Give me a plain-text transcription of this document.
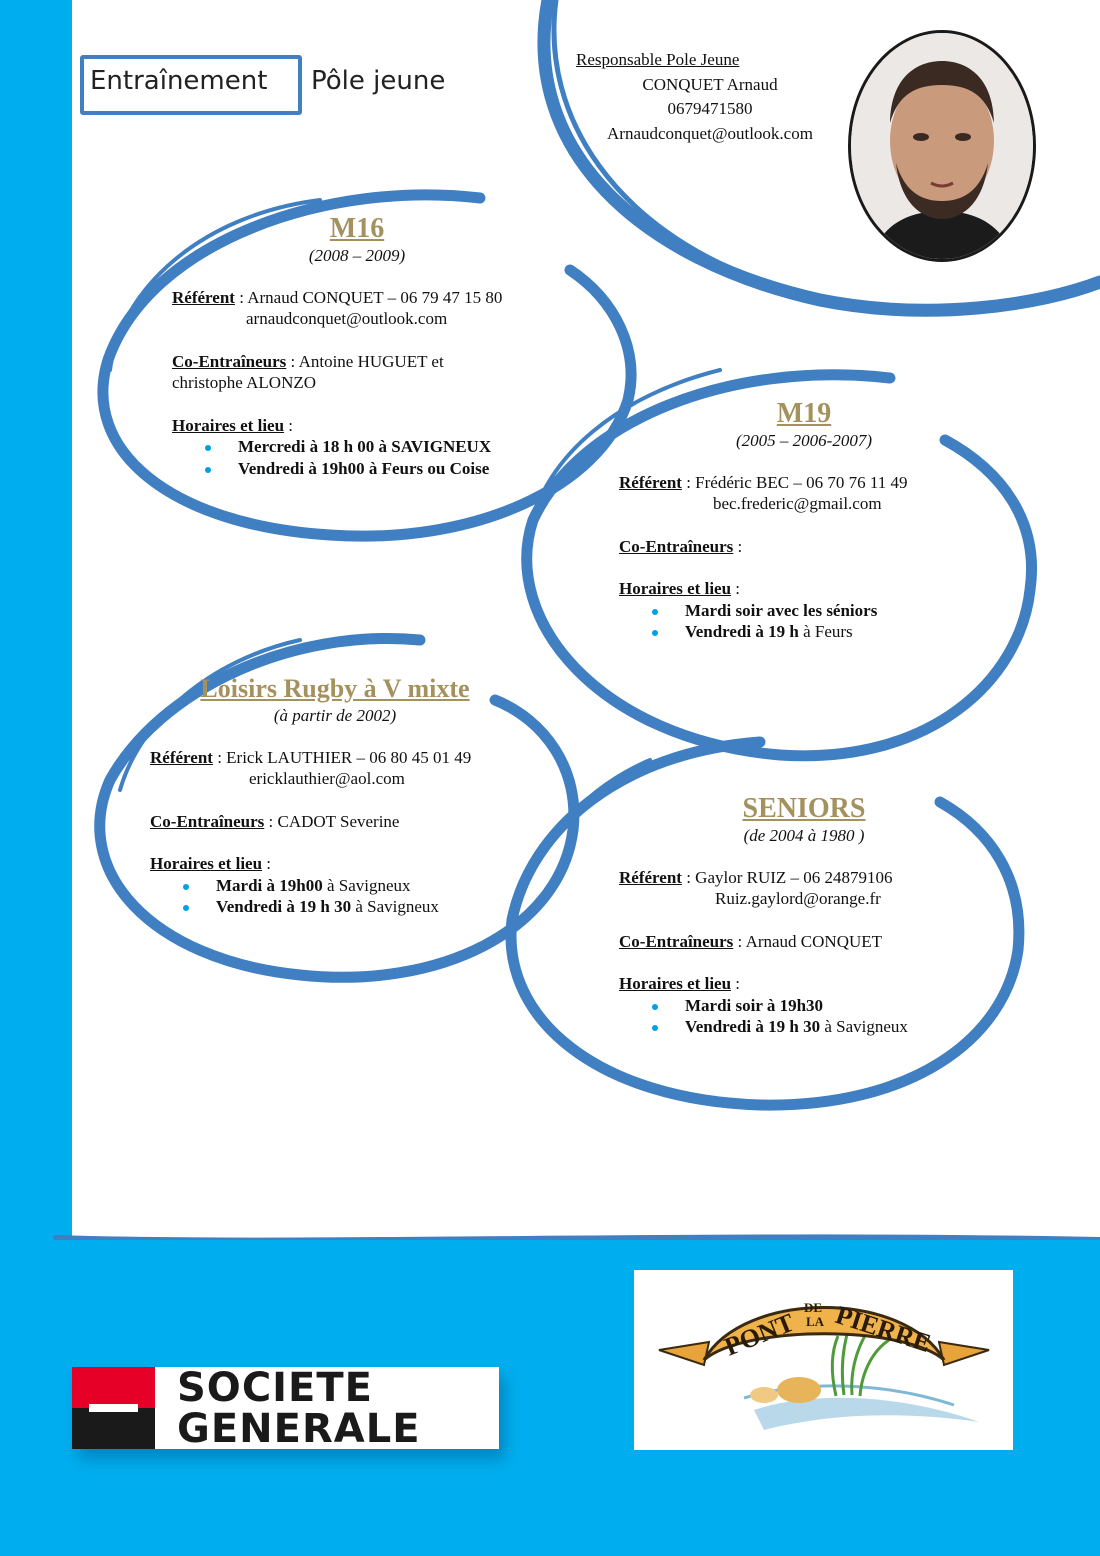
Entraînement Pôle jeune
Responsable Pole Jeune
CONQUET Arnaud
0679471580
Arnaudconquet@outlook.com
M16
(2008 – 2009)

Référent : Arnaud CONQUET – 06 79 47 15 80

arnaudconquet@outlook.com

Co-Entraîneurs : Antoine HUGUET et christophe ALONZO

Horaires et lieu :

Mercredi à 18 h 00 à SAVIGNEUX
Vendredi à 19h00 à Feurs ou Coise
M19
(2005 – 2006-2007)

Référent : Frédéric BEC – 06 70 76 11 49

bec.frederic@gmail.com

Co-Entraîneurs :

Horaires et lieu :

Mardi soir avec les séniors
Vendredi à 19 h à Feurs
Loisirs Rugby à V mixte
(à partir de 2002)

Référent : Erick LAUTHIER – 06 80 45 01 49

ericklauthier@aol.com

Co-Entraîneurs : CADOT Severine

Horaires et lieu :

Mardi à 19h00 à Savigneux
Vendredi à 19 h 30 à Savigneux
SENIORS
(de 2004 à 1980 )

Référent : Gaylor RUIZ – 06 24879106

Ruiz.gaylord@orange.fr

Co-Entraîneurs : Arnaud CONQUET

Horaires et lieu :

Mardi soir à 19h30
Vendredi à 19 h 30 à Savigneux
SOCIETE
GENERALE
PONT
DE
LA PIERRE
